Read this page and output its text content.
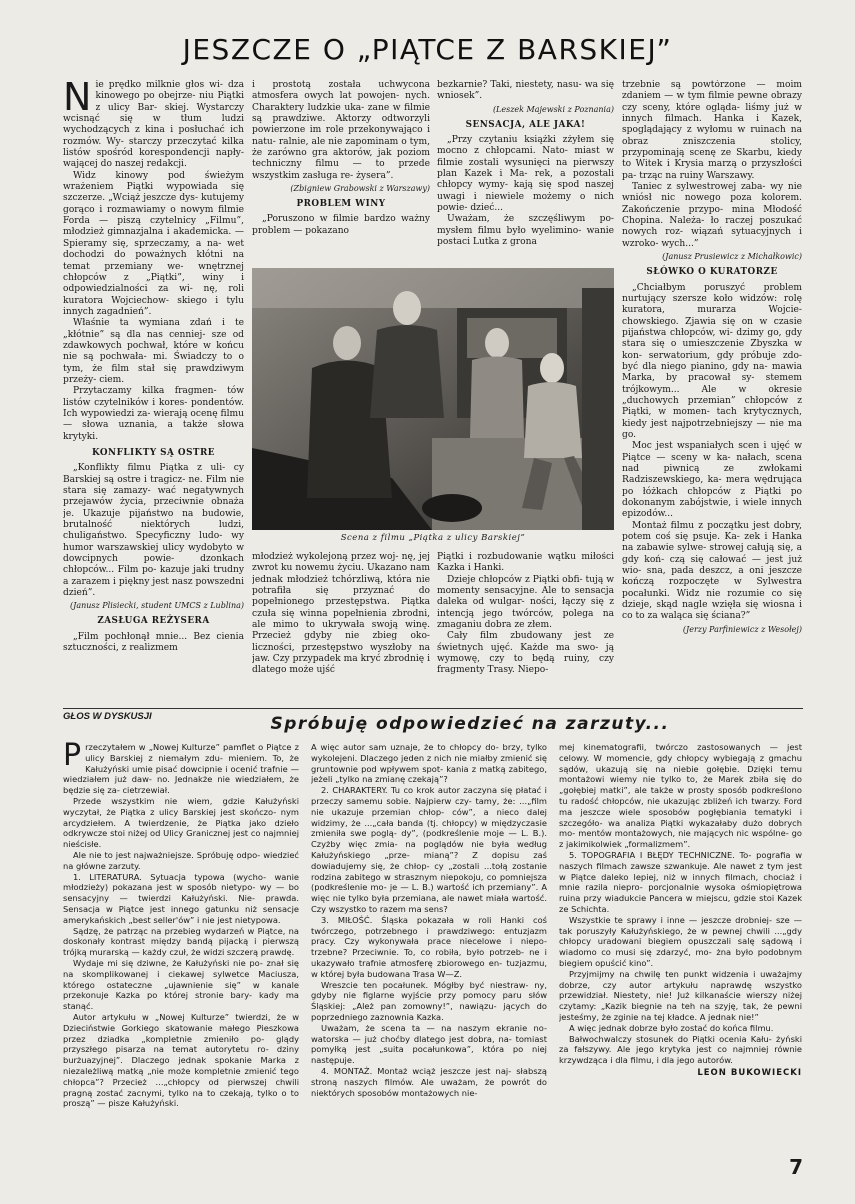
JESZCZE O „PIĄTCE Z BARSKIEJ”

Nie prędko milknie głos wi- dza kinowego po obejrze- niu Piątki z ulicy Bar- skiej. Wystarczy wcisnąć się w tłum ludzi wychodzących z kina i posłuchać ich rozmów. Wy- starczy przeczytać kilka listów spośród korespondencji napły- wającej do naszej redakcji.

Widz kinowy pod świeżym wrażeniem Piątki wypowiada się szczerze. „Wciąż jeszcze dys- kutujemy gorąco i rozmawiamy o nowym filmie Forda — piszą czytelnicy „Filmu”, młodzież gimnazjalna i akademicka. — Spieramy się, sprzeczamy, a na- wet dochodzi do poważnych kłótni na temat przemiany we- wnętrznej chłopców z „Piątki”, winy i odpowiedzialności za wi- nę, roli kuratora Wojciechow- skiego i tylu innych zagadnień”.

Właśnie ta wymiana zdań i te „kłótnie” są dla nas cenniej- sze od zdawkowych pochwał, które w końcu nie są pochwała- mi. Świadczy to o tym, że film stał się prawdziwym przeży- ciem.

Przytaczamy kilka fragmen- tów listów czytelników i kores- pondentów. Ich wypowiedzi za- wierają ocenę filmu — słowa uznania, a także słowa krytyki.

KONFLIKTY SĄ OSTRE

„Konflikty filmu Piątka z uli- cy Barskiej są ostre i tragicz- ne. Film nie stara się zamazy- wać negatywnych przejawów życia, przeciwnie obnaża je. Ukazuje pijaństwo na budowie, brutalność niektórych ludzi, chuligaństwo. Specyficzny ludo- wy humor warszawskiej ulicy wydobyto w dowcipnych powie- dzonkach chłopców... Film po- kazuje jaki trudny a zarazem i piękny jest nasz powszedni dzień”.

(Janusz Plisiecki, student UMCS z Lublina)
ZASŁUGA REŻYSERA

„Film pochłonął mnie... Bez cienia sztuczności, z realizmem

i prostotą została uchwycona atmosfera owych lat powojen- nych. Charaktery ludzkie uka- zane w filmie są prawdziwe. Aktorzy odtworzyli powierzone im role przekonywająco i natu- ralnie, ale nie zapominam o tym, że zarówno gra aktorów, jak poziom techniczny filmu — to przede wszystkim zasługa re- żysera”.

(Zbigniew Grabowski z Warszawy)
PROBLEM WINY

„Poruszono w filmie bardzo ważny problem — pokazano

bezkarnie? Taki, niestety, nasu- wa się wniosek”.

(Leszek Majewski z Poznania)
SENSACJA, ALE JAKA!

„Przy czytaniu książki zżyłem się mocno z chłopcami. Nato- miast w filmie zostali wysunięci na pierwszy plan Kazek i Ma- rek, a pozostali chłopcy wymy- kają się spod naszej uwagi i niewiele możemy o nich powie- dzieć...

Uważam, że szczęśliwym po- mysłem filmu było wyelimino- wanie postaci Lutka z grona

trzebnie są powtórzone — moim zdaniem — w tym filmie pewne obrazy czy sceny, które ogląda- liśmy już w innych filmach. Hanka i Kazek, spoglądający z wyłomu w ruinach na obraz zniszczenia stolicy, przypominają scenę ze Skarbu, kiedy to Witek i Krysia marzą o przyszłości pa- trząc na ruiny Warszawy.

Taniec z sylwestrowej zaba- wy nie wniósł nic nowego poza kolorem. Zakończenie przypo- mina Młodość Chopina. Należa- ło raczej poszukać nowych roz- wiązań sytuacyjnych i wzroko- wych...”

(Janusz Prusiewicz z Michałkowic)
SŁÓWKO O KURATORZE

„Chciałbym poruszyć problem nurtujący szersze koło widzów: rolę kuratora, murarza Wojcie- chowskiego. Zjawia się on w czasie pijaństwa chłopców, wi- dzimy go, gdy stara się o umieszczenie Zbyszka w kon- serwatorium, gdy próbuje zdo- być dla niego pianino, gdy na- mawia Marka, by pracował sy- stemem trójkowym... Ale w okresie „duchowych przemian” chłopców z Piątki, w momen- tach krytycznych, kiedy jest najpotrzebniejszy — nie ma go.

Moc jest wspaniałych scen i ujęć w Piątce — sceny w ka- nałach, scena nad piwnicą ze zwłokami Radziszewskiego, ka- mera wędrująca po łóżkach chłopców z Piątki po dokonanym zabójstwie, i wiele innych epizodów...

Montaż filmu z początku jest dobry, potem coś się psuje. Ka- zek i Hanka na zabawie sylwe- strowej całują się, a gdy koń- czą się całować — jest już wio- sna, pada deszcz, a oni jeszcze kończą rozpoczęte w Sylwestra pocałunki. Widz nie rozumie co się dzieje, skąd nagle wzięła się wiosna i co to za waląca się ściana?”

(Jerzy Parfiniewicz z Wesołej)
Scena z filmu „Piątka z ulicy Barskiej”

młodzież wykolejoną przez woj- nę, jej zwrot ku nowemu życiu. Ukazano nam jednak młodzież tchórzliwą, która nie potrafiła się przyznać do popełnionego przestępstwa. Piątka czuła się winna popełnienia zbrodni, ale mimo to ukrywała swoją winę. Przecież gdyby nie zbieg oko- liczności, przestępstwo wyszłoby na jaw. Czy przypadek ma kryć zbrodnię i dlatego może ujść

Piątki i rozbudowanie wątku miłości Kazka i Hanki.

Dzieje chłopców z Piątki obfi- tują w momenty sensacyjne. Ale to sensacja daleka od wulgar- ności, łączy się z intencją jego twórców, polega na zmaganiu dobra ze złem.

Cały film zbudowany jest ze świetnych ujęć. Każde ma swo- ją wymowę, czy to będą ruiny, czy fragmenty Trasy. Niepo-

GŁOS W DYSKUSJI	Spróbuję odpowiedzieć na zarzuty...

Przeczytałem w „Nowej Kulturze” pamflet o Piątce z ulicy Barskiej z niemałym zdu- mieniem. To, że Kałużyński umie pisać dowcipnie i ocenić trafnie — wiedziałem już daw- no. Jednakże nie wiedziałem, że będzie się za- cietrzewiał.

Przede wszystkim nie wiem, gdzie Kałużyński wyczytał, że Piątka z ulicy Barskiej jest skończo- nym arcydziełem. A twierdzenie, że Piątka jako dzieło odkrywcze stoi niżej od Ulicy Granicznej jest co najmniej nieścisłe.

Ale nie to jest najważniejsze. Spróbuję odpo- wiedzieć na główne zarzuty.

1. LITERATURA. Sytuacja typowa (wycho- wanie młodzieży) pokazana jest w sposób nietypo- wy — bo sensacyjny — twierdzi Kałużyński. Nie- prawda. Sensacja w Piątce jest innego gatunku niż sensacje amerykańskich „best seller'ów” i nie jest nietypowa.

Sądzę, że patrząc na przebieg wydarzeń w Piątce, na doskonały kontrast między bandą pijacką i pierwszą trójką murarską — każdy czuł, że widzi szczerą prawdę.

Wydaje mi się dziwne, że Kałużyński nie po- znał się na skomplikowanej i ciekawej sylwetce Maciusza, którego ostateczne „ujawnienie się” w kanale przekonuje Kazka po której stronie bary- kady ma stanąć.

Autor artykułu w „Nowej Kulturze” twierdzi, że w Dzieciństwie Gorkiego skatowanie małego Pieszkowa przez dziadka „kompletnie zmieniło po- glądy przyszłego pisarza na temat autorytetu ro- dziny burżuazyjnej”. Dlaczego jednak spokanie Marka z niezależliwą matką „nie może kompletnie zmienić tego chłopca”? Przecież ...„chłopcy od pierwszej chwili pragną zostać zacnymi, tylko na to czekają, tylko o to proszą” — pisze Kałużyński.

A więc autor sam uznaje, że to chłopcy do- brzy, tylko wykolejeni. Dlaczego jeden z nich nie miałby zmienić się gruntownie pod wpływem spot- kania z matką zabitego, jeżeli „tylko na zmianę czekają”?

2. CHARAKTERY. Tu co krok autor zaczyna się płatać i przeczy samemu sobie. Najpierw czy- tamy, że: ...„film nie ukazuje przemian chłop- ców”, a nieco dalej widzimy, że ...„cała banda (tj. chłopcy) w międzyczasie zmieniła swe poglą- dy”, (podkreślenie moje — L. B.). Czyżby więc zmia- na poglądów nie była według Kałużyńskiego „prze- mianą”? Z dopisu zaś dowiadujemy się, że chłop- cy „zostali ...tołą zostanie rodzina zabitego w strasznym niepokoju, co pomniejsza (podkreślenie mo- je — L. B.) wartość ich przemiany”. A więc nie tylko była przemiana, ale nawet miała wartość. Czy wszystko to razem ma sens?

3. MIŁOŚĆ. Śląska pokazała w roli Hanki coś twórczego, potrzebnego i prawdziwego: entuzjazm pracy. Czy wykonywała prace niecelowe i niepo- trzebne? Przeciwnie. To, co robiła, było potrzeb- ne i ukazywało trafnie atmosferę zbiorowego en- tuzjazmu, w której była budowana Trasa W—Z.

Wreszcie ten pocałunek. Mógłby być niestraw- ny, gdyby nie figlarne wyjście przy pomocy paru słów Śląskiej: „Ależ pan zomowny!”, nawiązu- jących do poprzedniego zaznownia Kazka.

Uważam, że scena ta — na naszym ekranie no- watorska — już choćby dlatego jest dobra, na- tomiast pomyłką jest „suita pocałunkowa”, która po niej następuje.

4. MONTAŻ. Montaż wciąż jeszcze jest naj- słabszą stroną naszych filmów. Ale uważam, że powrót do niektórych sposobów montażowych nie-

mej kinematografii, twórczo zastosowanych — jest celowy. W momencie, gdy chłopcy wybiegają z gmachu sądów, ukazują się na niebie gołębie. Dzięki temu montażowi wiemy nie tylko to, że Marek zbiła się do „gołębiej matki”, ale także w prosty sposób podkreślono tu radość chłopców, nie ukazując zbliżeń ich twarzy. Ford ma jeszcze wiele sposobów pogłębiania tematyki i szczegóło- wa analiza Piątki wykazałaby dużo dobrych mo- mentów montażowych, nie mających nic wspólne- go z jakimikolwiek „formalizmem”.

5. TOPOGRAFIA I BŁĘDY TECHNICZNE. To- pografia w naszych filmach zawsze szwankuje. Ale nawet z tym jest w Piątce dalеko lepiej, niż w innych filmach, chociaż i mnie razila niepro- porcjonalnie wysoka ośmiopiętrowa ruina przy wiadukcie Pancera w miejscu, gdzie stoi Kazek ze Schichta.

Wszystkie te sprawy i inne — jeszcze drobniej- sze — tak poruszyły Kałużyńskiego, że w pewnej chwili ...„gdy chłopcy uradowani biegiem opuszczali salę sądową i wiadomo co musi się zdarzyć, mo- żna było podobnym biegiem opuścić kino”.

Przyjmijmy na chwilę ten punkt widzenia i uważajmy dobrze, czy autor artykułu naprawdę wszystko przewidział. Niestety, nie! Już kilkanaście wierszy niżej czytamy: „Kazik biegnie na teh na szyję, tak, że pewni jesteśmy, że zginie na tej kładce. A jednak nie!”

A więc jednak dobrze było zostać do końca filmu.

Bałwochwalczy stosunek do Piątki ocenia Kału- żyński za fałszywy. Ale jego krytyka jest co najmniej równie krzywdząca i dla filmu, i dla jego autorów.

LEON BUKOWIECKI
7
